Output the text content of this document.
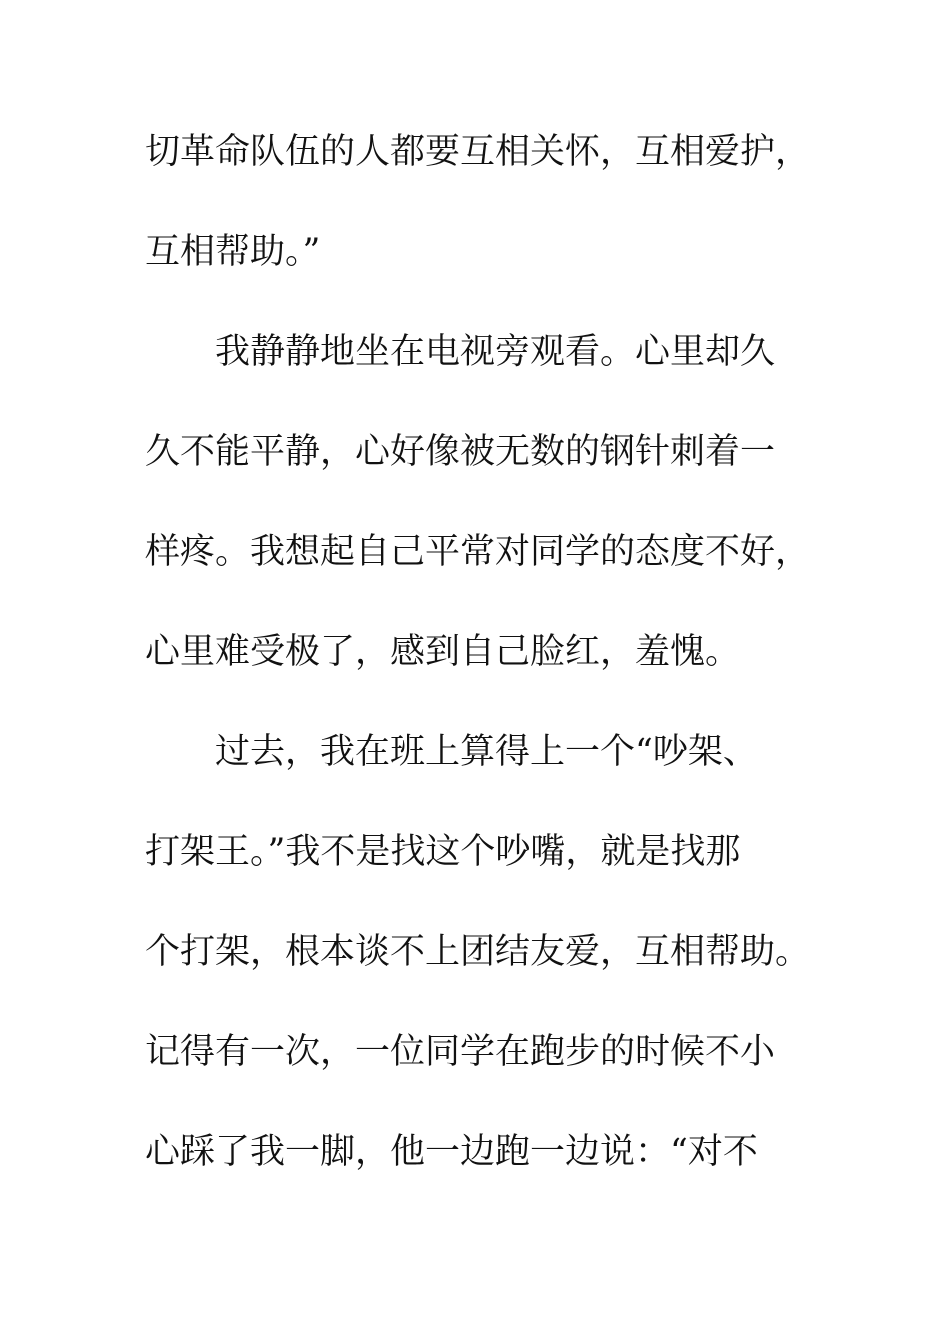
切革命队伍的人都要互相关怀，互相爱护，
互相帮助。”
我静静地坐在电视旁观看。心里却久
久不能平静，心好像被无数的钢针刺着一
样疼。我想起自己平常对同学的态度不好，
心里难受极了，感到自己脸红，羞愧。
过去，我在班上算得上一个“吵架、
打架王。”我不是找这个吵嘴，就是找那
个打架，根本谈不上团结友爱，互相帮助。
记得有一次，一位同学在跑步的时候不小
心踩了我一脚，他一边跑一边说：“对不
